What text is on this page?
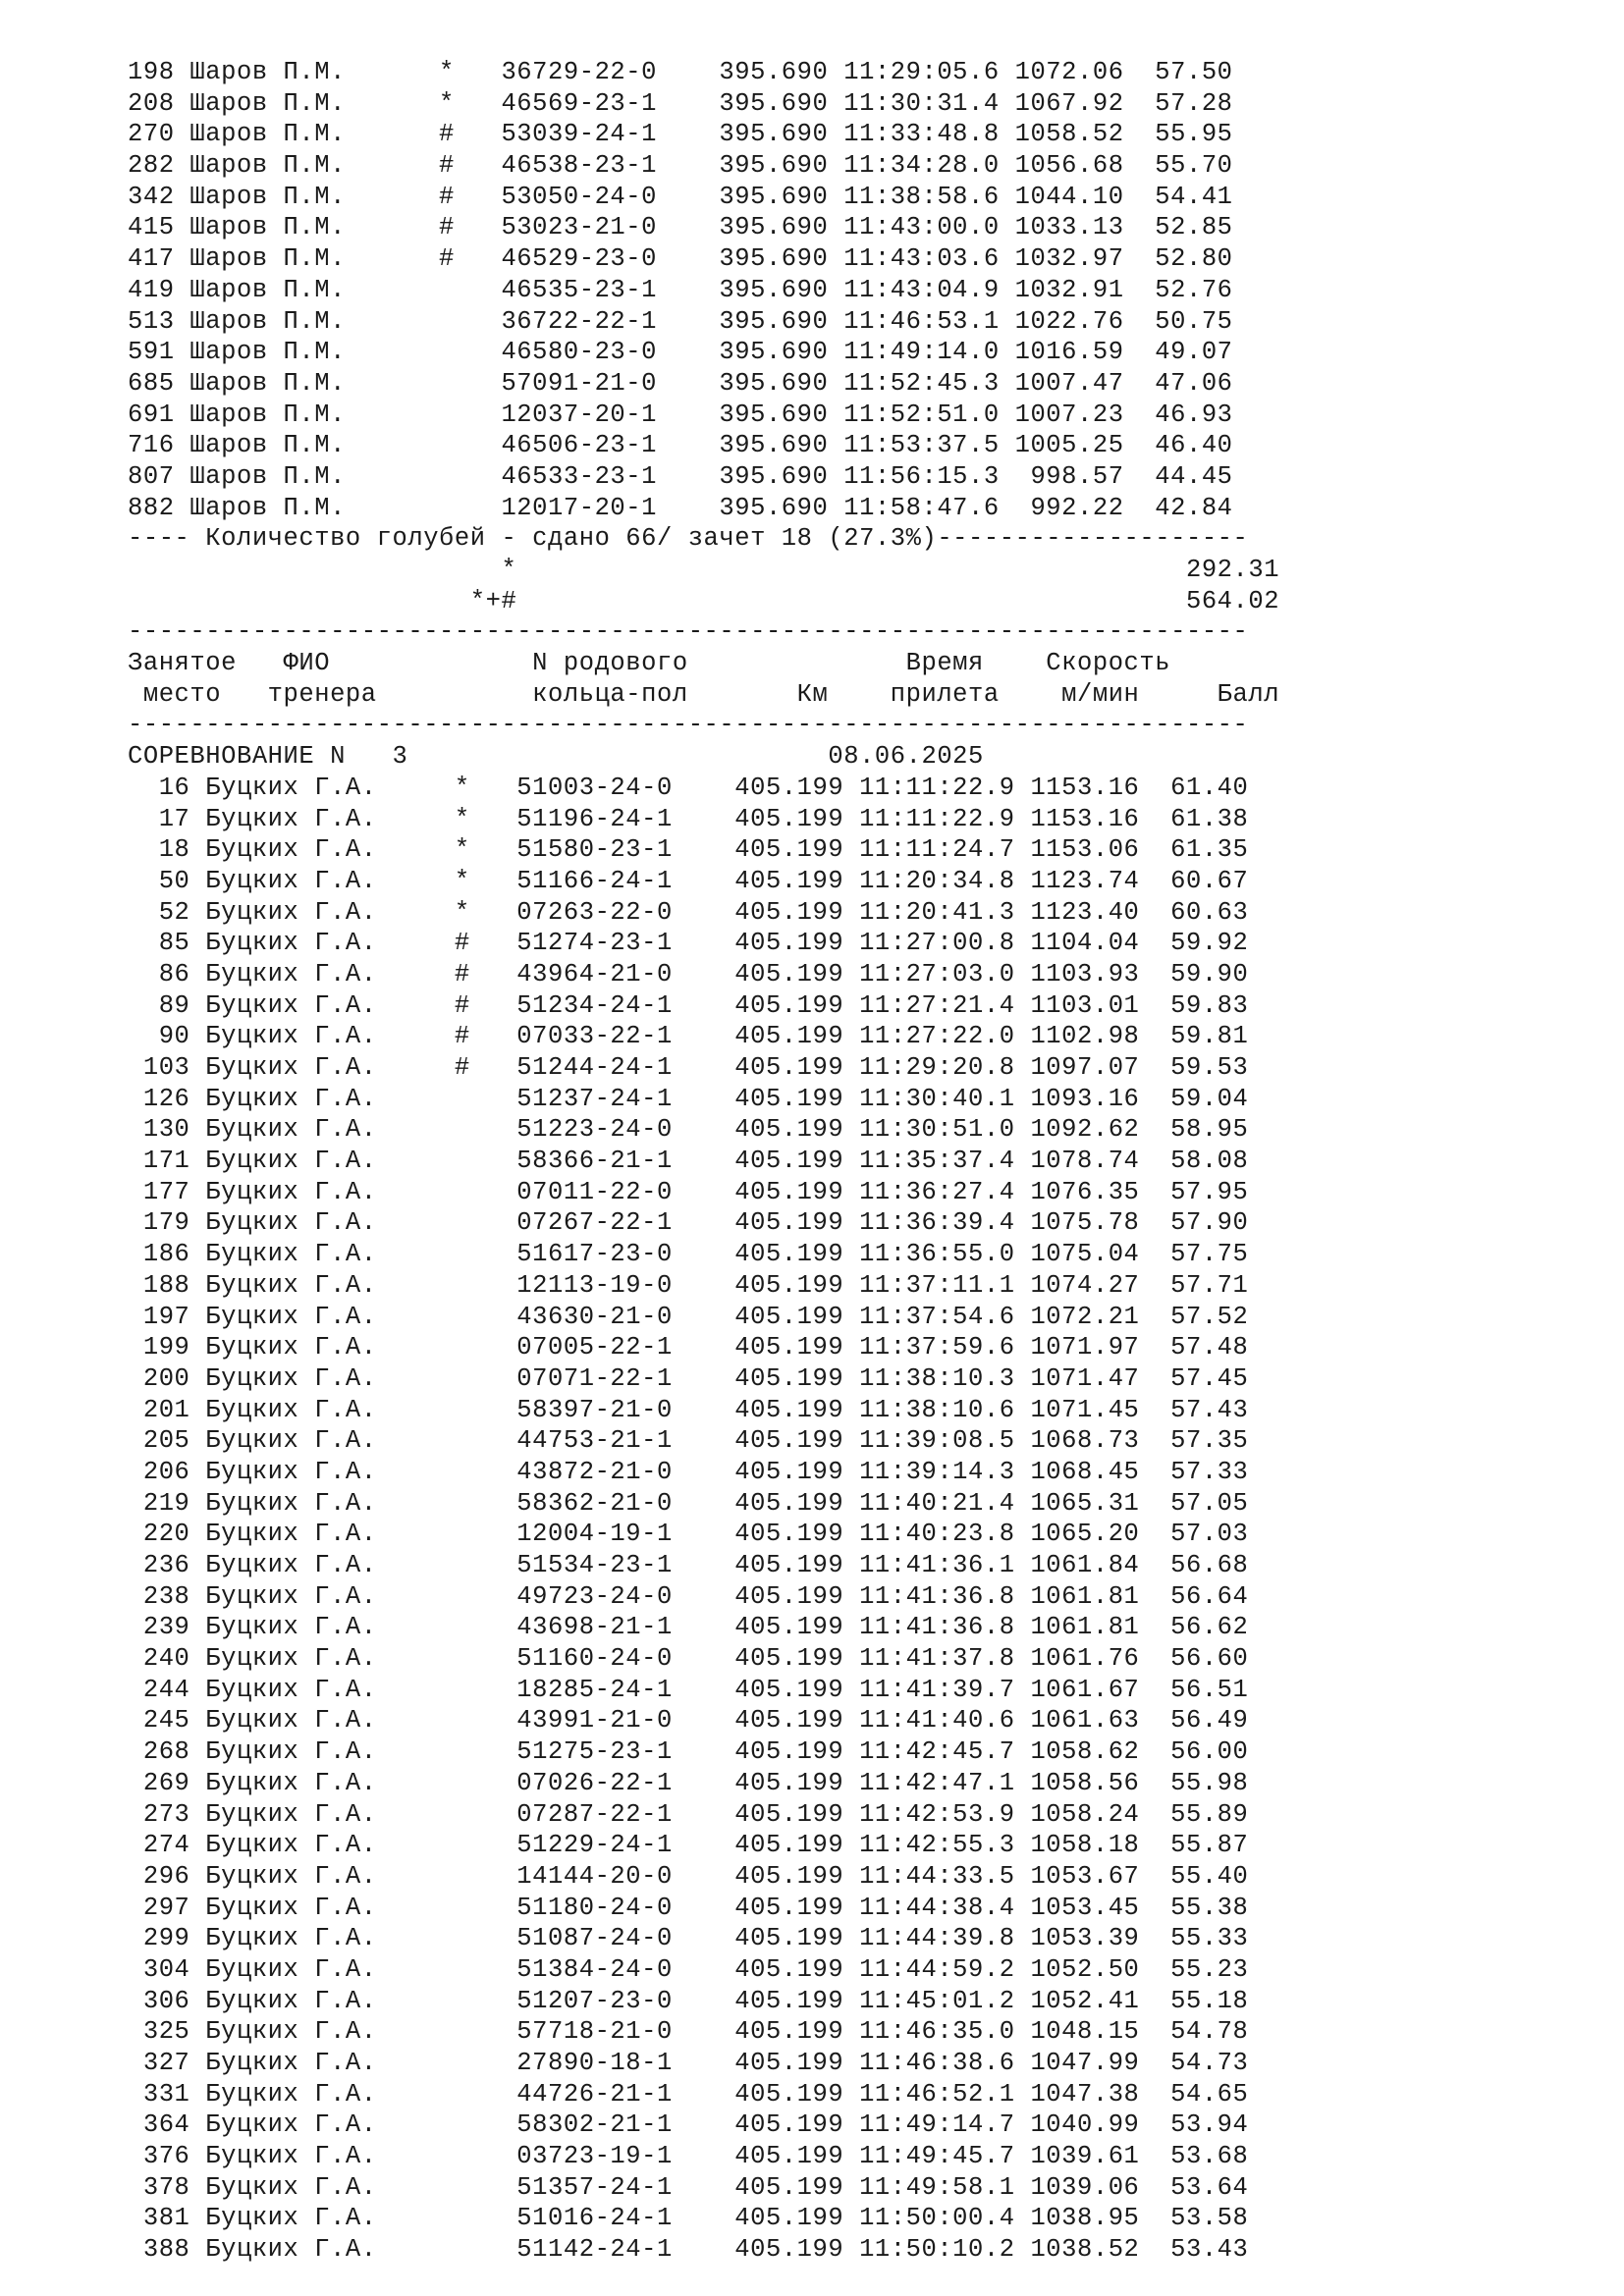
198 Шаров П.М.      *   36729-22-0    395.690 11:29:05.6 1072.06  57.50
208 Шаров П.М.      *   46569-23-1    395.690 11:30:31.4 1067.92  57.28
270 Шаров П.М.      #   53039-24-1    395.690 11:33:48.8 1058.52  55.95
282 Шаров П.М.      #   46538-23-1    395.690 11:34:28.0 1056.68  55.70
342 Шаров П.М.      #   53050-24-0    395.690 11:38:58.6 1044.10  54.41
415 Шаров П.М.      #   53023-21-0    395.690 11:43:00.0 1033.13  52.85
417 Шаров П.М.      #   46529-23-0    395.690 11:43:03.6 1032.97  52.80
419 Шаров П.М.          46535-23-1    395.690 11:43:04.9 1032.91  52.76
513 Шаров П.М.          36722-22-1    395.690 11:46:53.1 1022.76  50.75
591 Шаров П.М.          46580-23-0    395.690 11:49:14.0 1016.59  49.07
685 Шаров П.М.          57091-21-0    395.690 11:52:45.3 1007.47  47.06
691 Шаров П.М.          12037-20-1    395.690 11:52:51.0 1007.23  46.93
716 Шаров П.М.          46506-23-1    395.690 11:53:37.5 1005.25  46.40
807 Шаров П.М.          46533-23-1    395.690 11:56:15.3  998.57  44.45
882 Шаров П.М.          12017-20-1    395.690 11:58:47.6  992.22  42.84
---- Количество голубей - сдано 66/ зачет 18 (27.3%)--------------------
*                                           292.31
*+#                                           564.02
------------------------------------------------------------------------
Занятое   ФИО             N родового              Время    Скорость
место   тренера          кольца-пол       Км    прилета    м/мин     Балл
------------------------------------------------------------------------
СОРЕВНОВАНИЕ N   3                           08.06.2025
16 Буцких Г.А.     *   51003-24-0    405.199 11:11:22.9 1153.16  61.40
17 Буцких Г.А.     *   51196-24-1    405.199 11:11:22.9 1153.16  61.38
18 Буцких Г.А.     *   51580-23-1    405.199 11:11:24.7 1153.06  61.35
50 Буцких Г.А.     *   51166-24-1    405.199 11:20:34.8 1123.74  60.67
52 Буцких Г.А.     *   07263-22-0    405.199 11:20:41.3 1123.40  60.63
85 Буцких Г.А.     #   51274-23-1    405.199 11:27:00.8 1104.04  59.92
86 Буцких Г.А.     #   43964-21-0    405.199 11:27:03.0 1103.93  59.90
89 Буцких Г.А.     #   51234-24-1    405.199 11:27:21.4 1103.01  59.83
90 Буцких Г.А.     #   07033-22-1    405.199 11:27:22.0 1102.98  59.81
103 Буцких Г.А.     #   51244-24-1    405.199 11:29:20.8 1097.07  59.53
126 Буцких Г.А.         51237-24-1    405.199 11:30:40.1 1093.16  59.04
130 Буцких Г.А.         51223-24-0    405.199 11:30:51.0 1092.62  58.95
171 Буцких Г.А.         58366-21-1    405.199 11:35:37.4 1078.74  58.08
177 Буцких Г.А.         07011-22-0    405.199 11:36:27.4 1076.35  57.95
179 Буцких Г.А.         07267-22-1    405.199 11:36:39.4 1075.78  57.90
186 Буцких Г.А.         51617-23-0    405.199 11:36:55.0 1075.04  57.75
188 Буцких Г.А.         12113-19-0    405.199 11:37:11.1 1074.27  57.71
197 Буцких Г.А.         43630-21-0    405.199 11:37:54.6 1072.21  57.52
199 Буцких Г.А.         07005-22-1    405.199 11:37:59.6 1071.97  57.48
200 Буцких Г.А.         07071-22-1    405.199 11:38:10.3 1071.47  57.45
201 Буцких Г.А.         58397-21-0    405.199 11:38:10.6 1071.45  57.43
205 Буцких Г.А.         44753-21-1    405.199 11:39:08.5 1068.73  57.35
206 Буцких Г.А.         43872-21-0    405.199 11:39:14.3 1068.45  57.33
219 Буцких Г.А.         58362-21-0    405.199 11:40:21.4 1065.31  57.05
220 Буцких Г.А.         12004-19-1    405.199 11:40:23.8 1065.20  57.03
236 Буцких Г.А.         51534-23-1    405.199 11:41:36.1 1061.84  56.68
238 Буцких Г.А.         49723-24-0    405.199 11:41:36.8 1061.81  56.64
239 Буцких Г.А.         43698-21-1    405.199 11:41:36.8 1061.81  56.62
240 Буцких Г.А.         51160-24-0    405.199 11:41:37.8 1061.76  56.60
244 Буцких Г.А.         18285-24-1    405.199 11:41:39.7 1061.67  56.51
245 Буцких Г.А.         43991-21-0    405.199 11:41:40.6 1061.63  56.49
268 Буцких Г.А.         51275-23-1    405.199 11:42:45.7 1058.62  56.00
269 Буцких Г.А.         07026-22-1    405.199 11:42:47.1 1058.56  55.98
273 Буцких Г.А.         07287-22-1    405.199 11:42:53.9 1058.24  55.89
274 Буцких Г.А.         51229-24-1    405.199 11:42:55.3 1058.18  55.87
296 Буцких Г.А.         14144-20-0    405.199 11:44:33.5 1053.67  55.40
297 Буцких Г.А.         51180-24-0    405.199 11:44:38.4 1053.45  55.38
299 Буцких Г.А.         51087-24-0    405.199 11:44:39.8 1053.39  55.33
304 Буцких Г.А.         51384-24-0    405.199 11:44:59.2 1052.50  55.23
306 Буцких Г.А.         51207-23-0    405.199 11:45:01.2 1052.41  55.18
325 Буцких Г.А.         57718-21-0    405.199 11:46:35.0 1048.15  54.78
327 Буцких Г.А.         27890-18-1    405.199 11:46:38.6 1047.99  54.73
331 Буцких Г.А.         44726-21-1    405.199 11:46:52.1 1047.38  54.65
364 Буцких Г.А.         58302-21-1    405.199 11:49:14.7 1040.99  53.94
376 Буцких Г.А.         03723-19-1    405.199 11:49:45.7 1039.61  53.68
378 Буцких Г.А.         51357-24-1    405.199 11:49:58.1 1039.06  53.64
381 Буцких Г.А.         51016-24-1    405.199 11:50:00.4 1038.95  53.58
388 Буцких Г.А.         51142-24-1    405.199 11:50:10.2 1038.52  53.43
